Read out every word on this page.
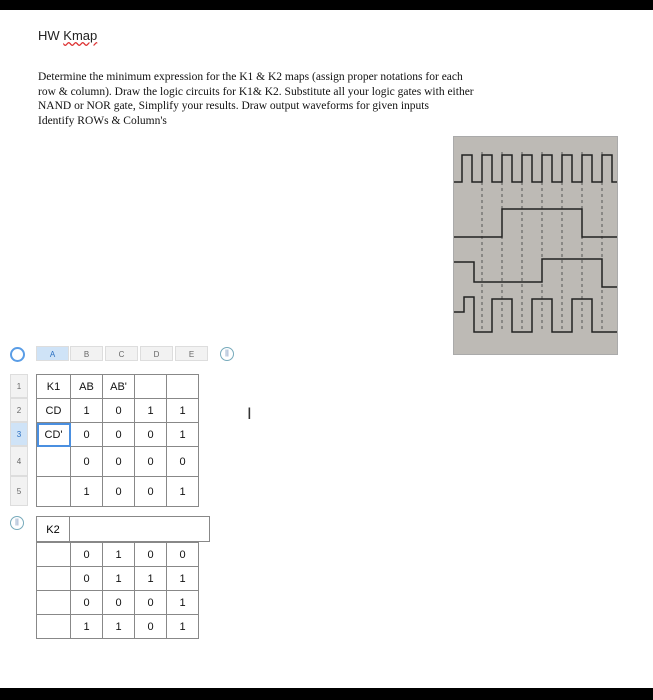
HW Kmap
Determine the minimum expression for the K1 & K2 maps (assign proper notations for each
row & column). Draw the logic circuits for K1& K2. Substitute all your logic gates with either
NAND or NOR gate, Simplify your results. Draw output waveforms for given inputs
Identify ROWs & Column's
I
A	B	C	D	E	||
1
2
3
4
5
||
K1	AB	AB'		
CD	1	0	1	1
CD'	0	0	0	1
	0	0	0	0
	1	0	0	1
K2
	0	1	0	0
	0	1	1	1
	0	0	0	1
	1	1	0	1
